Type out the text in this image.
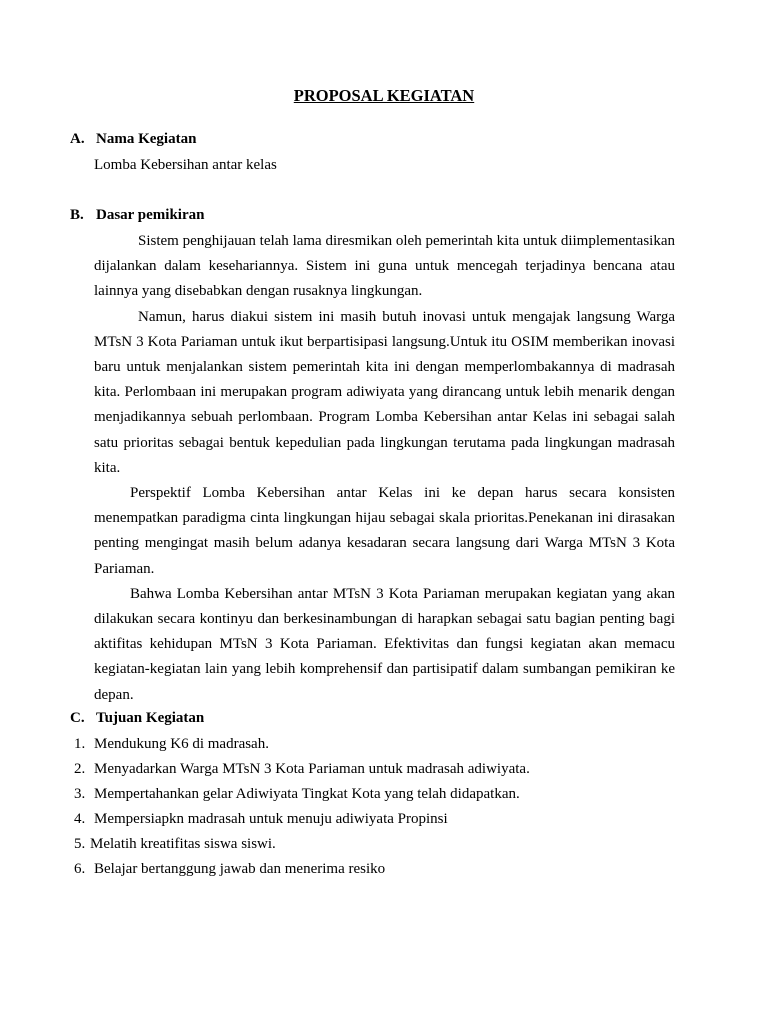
PROPOSAL KEGIATAN
A. Nama Kegiatan
Lomba Kebersihan antar kelas
B. Dasar pemikiran

Sistem penghijauan telah lama diresmikan oleh pemerintah kita untuk diimplementasikan dijalankan dalam kesehariannya. Sistem ini guna untuk mencegah terjadinya bencana atau lainnya yang disebabkan dengan rusaknya lingkungan.

Namun, harus diakui sistem ini masih butuh inovasi untuk mengajak langsung Warga MTsN 3 Kota Pariaman untuk ikut berpartisipasi langsung.Untuk itu OSIM memberikan inovasi baru untuk menjalankan sistem pemerintah kita ini dengan memperlombakannya di madrasah kita. Perlombaan ini merupakan program adiwiyata yang dirancang untuk lebih menarik dengan menjadikannya sebuah perlombaan. Program Lomba Kebersihan antar Kelas ini sebagai salah satu prioritas sebagai bentuk kepedulian pada lingkungan terutama pada lingkungan madrasah kita.

Perspektif Lomba Kebersihan antar Kelas ini ke depan harus secara konsisten menempatkan paradigma cinta lingkungan hijau sebagai skala prioritas.Penekanan ini dirasakan penting mengingat masih belum adanya kesadaran secara langsung dari Warga MTsN 3 Kota Pariaman.

Bahwa Lomba Kebersihan antar MTsN 3 Kota Pariaman merupakan kegiatan yang akan dilakukan secara kontinyu dan berkesinambungan di harapkan sebagai satu bagian penting bagi aktifitas kehidupan MTsN 3 Kota Pariaman. Efektivitas dan fungsi kegiatan akan memacu kegiatan-kegiatan lain yang lebih komprehensif dan partisipatif dalam sumbangan pemikiran ke depan.

C. Tujuan Kegiatan
1. Mendukung K6 di madrasah.
2. Menyadarkan Warga MTsN 3 Kota Pariaman untuk madrasah adiwiyata.
3. Mempertahankan gelar Adiwiyata Tingkat Kota yang telah didapatkan.
4. Mempersiapkn madrasah untuk menuju adiwiyata Propinsi
5. Melatih kreatifitas siswa siswi.
6. Belajar bertanggung jawab dan menerima resiko
